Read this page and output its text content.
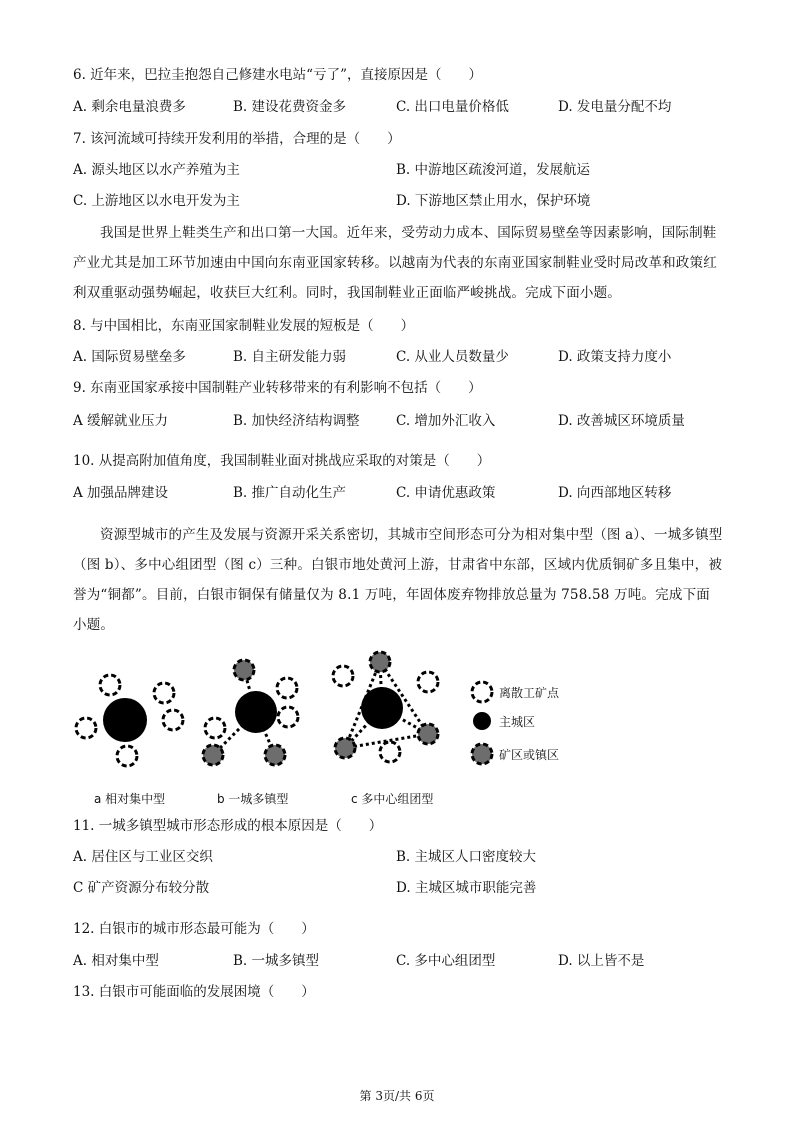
6. 近年来，巴拉圭抱怨自己修建水电站“亏了”，直接原因是（　　）
A. 剩余电量浪费多	B. 建设花费资金多	C. 出口电量价格低	D. 发电量分配不均
7. 该河流域可持续开发利用的举措，合理的是（　　）
A. 源头地区以水产养殖为主	B. 中游地区疏浚河道，发展航运
C. 上游地区以水电开发为主	D. 下游地区禁止用水，保护环境
我国是世界上鞋类生产和出口第一大国。近年来，受劳动力成本、国际贸易壁垒等因素影响，国际制鞋产业尤其是加工环节加速由中国向东南亚国家转移。以越南为代表的东南亚国家制鞋业受时局改革和政策红利双重驱动强势崛起，收获巨大红利。同时，我国制鞋业正面临严峻挑战。完成下面小题。
8. 与中国相比，东南亚国家制鞋业发展的短板是（　　）
A. 国际贸易壁垒多	B. 自主研发能力弱	C. 从业人员数量少	D. 政策支持力度小
9. 东南亚国家承接中国制鞋产业转移带来的有利影响不包括（　　）
A 缓解就业压力	B. 加快经济结构调整	C. 增加外汇收入	D. 改善城区环境质量
10. 从提高附加值角度，我国制鞋业面对挑战应采取的对策是（　　）
A 加强品牌建设	B. 推广自动化生产	C. 申请优惠政策	D. 向西部地区转移
资源型城市的产生及发展与资源开采关系密切，其城市空间形态可分为相对集中型（图 a）、一城多镇型（图 b）、多中心组团型（图 c）三种。白银市地处黄河上游，甘肃省中东部，区域内优质铜矿多且集中，被誉为“铜都”。目前，白银市铜保有储量仅为 8.1 万吨，年固体废弃物排放总量为 758.58 万吨。完成下面小题。
离散工矿点
主城区
矿区或镇区
a 相对集中型	b 一城多镇型	c 多中心组团型
11. 一城多镇型城市形态形成的根本原因是（　　）
A. 居住区与工业区交织	B. 主城区人口密度较大
C 矿产资源分布较分散	D. 主城区城市职能完善
12. 白银市的城市形态最可能为（　　）
A. 相对集中型	B. 一城多镇型	C. 多中心组团型	D. 以上皆不是
13. 白银市可能面临的发展困境（　　）
第 3页/共 6页
